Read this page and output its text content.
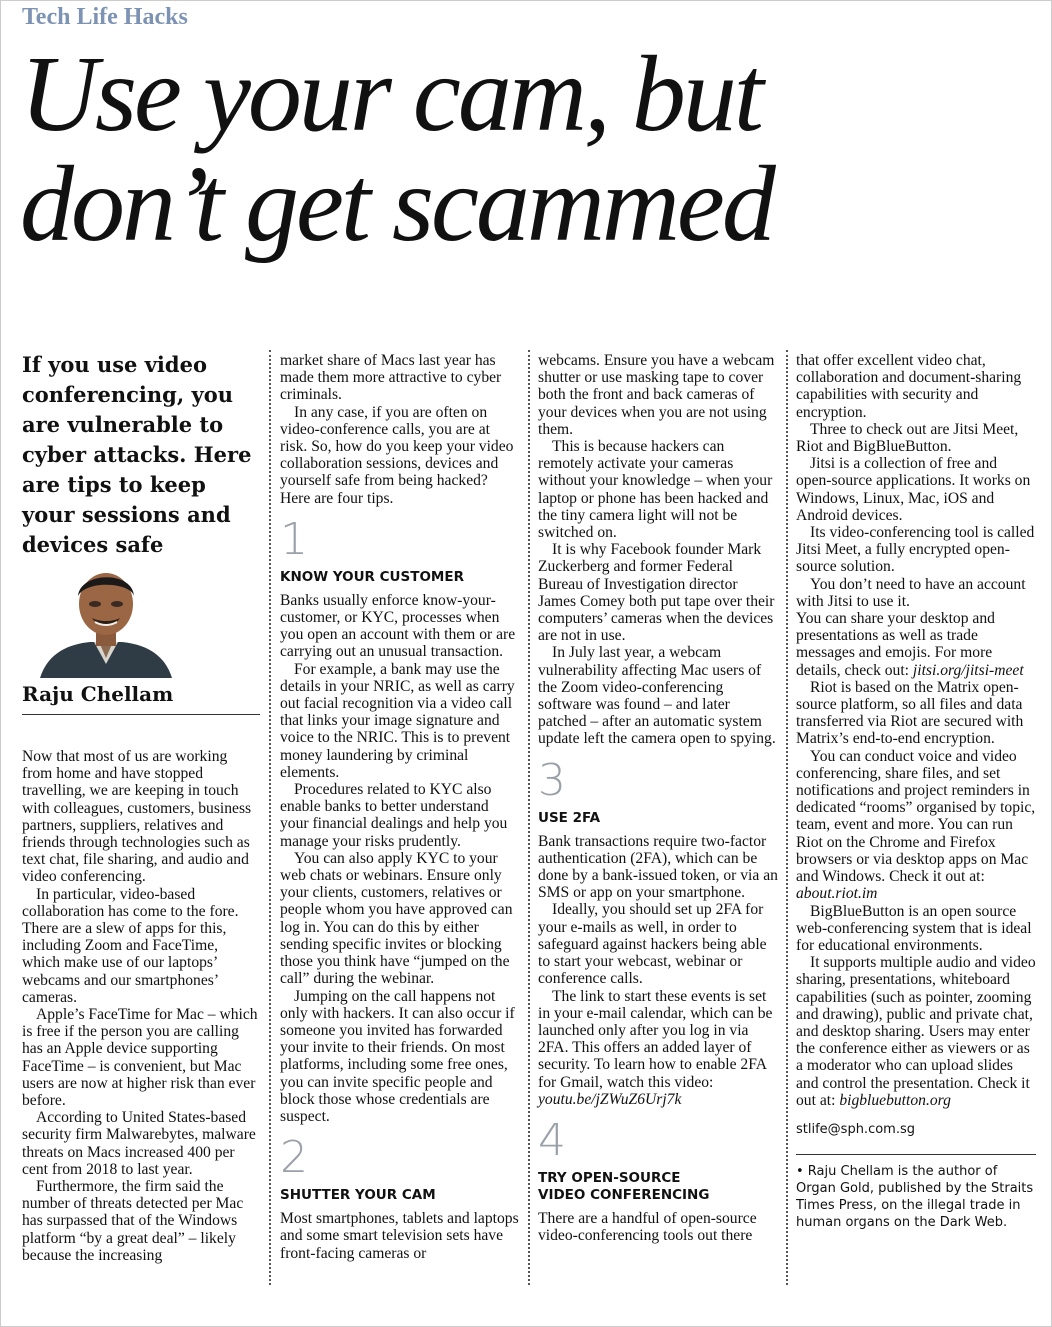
Tech Life Hacks
Use your cam, but
don’t get scammed
If you use video conferencing, you are vulnerable to cyber attacks. Here are tips to keep your sessions and devices safe
Raju Chellam

Now that most of us are working from home and have stopped travelling, we are keeping in touch with colleagues, customers, business partners, suppliers, relatives and friends through technologies such as text chat, file sharing, and audio and video conferencing.

In particular, video-based collaboration has come to the fore. There are a slew of apps for this, including Zoom and FaceTime, which make use of our laptops’ webcams and our smartphones’ cameras.

Apple’s FaceTime for Mac – which is free if the person you are calling has an Apple device supporting FaceTime – is convenient, but Mac users are now at higher risk than ever before.

According to United States-based security firm Malwarebytes, malware threats on Macs increased 400 per cent from 2018 to last year.

Furthermore, the firm said the number of threats detected per Mac has surpassed that of the Windows platform “by a great deal” – likely because the increasing

market share of Macs last year has made them more attractive to cyber criminals.

In any case, if you are often on video-conference calls, you are at risk. So, how do you keep your video collaboration sessions, devices and yourself safe from being hacked? Here are four tips.

1
KNOW YOUR CUSTOMER

Banks usually enforce know-your-customer, or KYC, processes when you open an account with them or are carrying out an unusual transaction.

For example, a bank may use the details in your NRIC, as well as carry out facial recognition via a video call that links your image signature and voice to the NRIC. This is to prevent money laundering by criminal elements.

Procedures related to KYC also enable banks to better understand your financial dealings and help you manage your risks prudently.

You can also apply KYC to your web chats or webinars. Ensure only your clients, customers, relatives or people whom you have approved can log in. You can do this by either sending specific invites or blocking those you think have “jumped on the call” during the webinar.

Jumping on the call happens not only with hackers. It can also occur if someone you invited has forwarded your invite to their friends. On most platforms, including some free ones, you can invite specific people and block those whose credentials are suspect.

2
SHUTTER YOUR CAM

Most smartphones, tablets and laptops and some smart television sets have front-facing cameras or

webcams. Ensure you have a webcam shutter or use masking tape to cover both the front and back cameras of your devices when you are not using them.

This is because hackers can remotely activate your cameras without your knowledge – when your laptop or phone has been hacked and the tiny camera light will not be switched on.

It is why Facebook founder Mark Zuckerberg and former Federal Bureau of Investigation director James Comey both put tape over their computers’ cameras when the devices are not in use.

In July last year, a webcam vulnerability affecting Mac users of the Zoom video-conferencing software was found – and later patched – after an automatic system update left the camera open to spying.

3
USE 2FA

Bank transactions require two-factor authentication (2FA), which can be done by a bank-issued token, or via an SMS or app on your smartphone.

Ideally, you should set up 2FA for your e-mails as well, in order to safeguard against hackers being able to start your webcast, webinar or conference calls.

The link to start these events is set in your e-mail calendar, which can be launched only after you log in via 2FA. This offers an added layer of security. To learn how to enable 2FA for Gmail, watch this video: youtu.be/jZWuZ6Urj7k

4
TRY OPEN-SOURCE
VIDEO CONFERENCING

There are a handful of open-source video-conferencing tools out there

that offer excellent video chat, collaboration and document-sharing capabilities with security and encryption.

Three to check out are Jitsi Meet, Riot and BigBlueButton.

Jitsi is a collection of free and open-source applications. It works on Windows, Linux, Mac, iOS and Android devices.

Its video-conferencing tool is called Jitsi Meet, a fully encrypted open-source solution.

You don’t need to have an account with Jitsi to use it.

You can share your desktop and presentations as well as trade messages and emojis. For more details, check out: jitsi.org/jitsi-meet

Riot is based on the Matrix open-source platform, so all files and data transferred via Riot are secured with Matrix’s end-to-end encryption.

You can conduct voice and video conferencing, share files, and set notifications and project reminders in dedicated “rooms” organised by topic, team, event and more. You can run Riot on the Chrome and Firefox browsers or via desktop apps on Mac and Windows. Check it out at: about.riot.im

BigBlueButton is an open source web-conferencing system that is ideal for educational environments.

It supports multiple audio and video sharing, presentations, whiteboard capabilities (such as pointer, zooming and drawing), public and private chat, and desktop sharing. Users may enter the conference either as viewers or as a moderator who can upload slides and control the presentation. Check it out at: bigbluebutton.org

stlife@sph.com.sg
• Raju Chellam is the author of Organ Gold, published by the Straits Times Press, on the illegal trade in human organs on the Dark Web.
